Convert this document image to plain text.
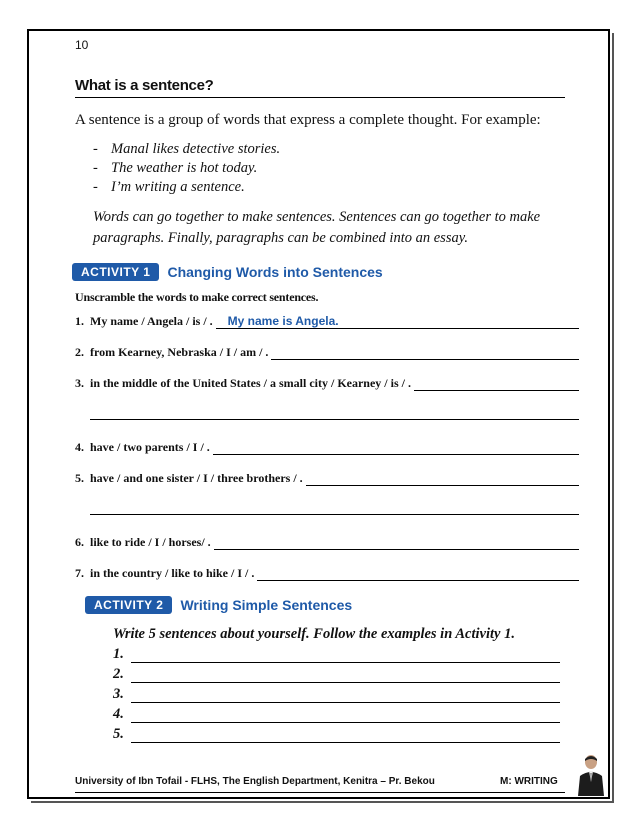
10
What is a sentence?
A sentence is a group of words that express a complete thought. For example:
- Manal likes detective stories.
- The weather is hot today.
- I’m writing a sentence.
Words can go together to make sentences. Sentences can go together to make paragraphs. Finally, paragraphs can be combined into an essay.
ACTIVITY 1 Changing Words into Sentences
Unscramble the words to make correct sentences.
1. My name / Angela / is / . My name is Angela.
2. from Kearney, Nebraska / I / am / .
3. in the middle of the United States / a small city / Kearney / is / .
4. have / two parents / I / .
5. have / and one sister / I / three brothers / .
6. like to ride / I / horses/ .
7. in the country / like to hike / I / .
ACTIVITY 2 Writing Simple Sentences
Write 5 sentences about yourself. Follow the examples in Activity 1.
1.
2.
3.
4.
5.
University of Ibn Tofail - FLHS, The English Department, Kenitra – Pr. Bekou	M: WRITING
